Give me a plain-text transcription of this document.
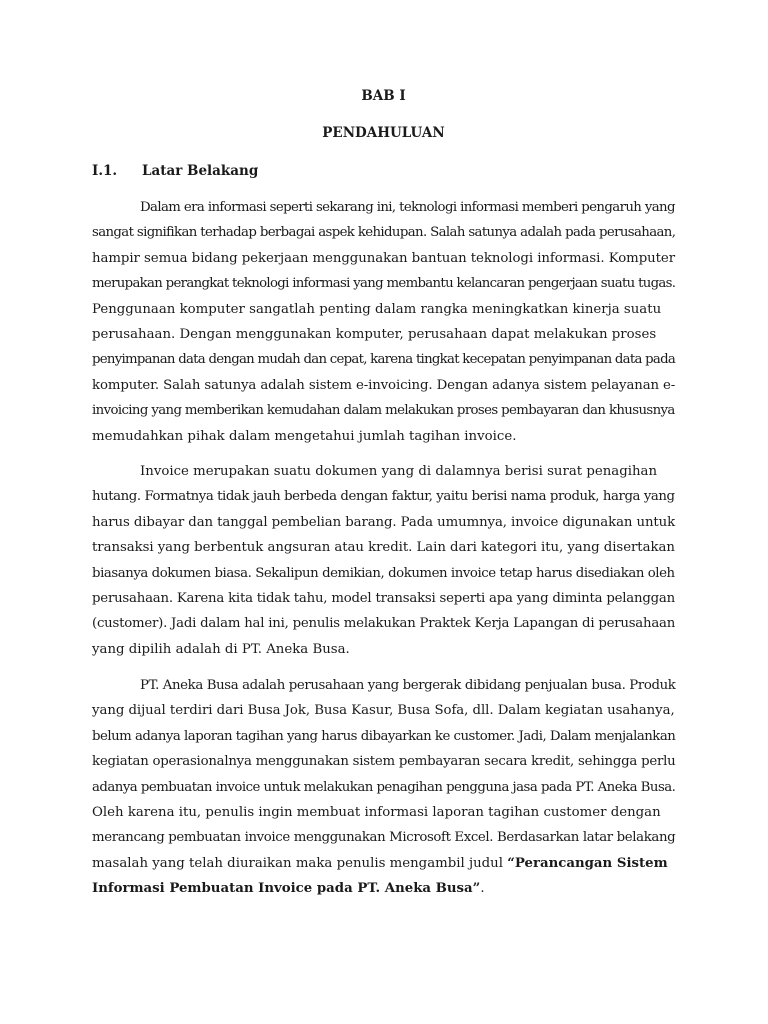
BAB I
PENDAHULUAN
I.1. Latar Belakang
Dalam era informasi seperti sekarang ini, teknologi informasi memberi pengaruh yang
sangat signifikan terhadap berbagai aspek kehidupan. Salah satunya adalah pada perusahaan,
hampir semua bidang pekerjaan menggunakan bantuan teknologi informasi. Komputer
merupakan perangkat teknologi informasi yang membantu kelancaran pengerjaan suatu tugas.
Penggunaan komputer sangatlah penting dalam rangka meningkatkan kinerja suatu
perusahaan. Dengan menggunakan komputer, perusahaan dapat melakukan proses
penyimpanan data dengan mudah dan cepat, karena tingkat kecepatan penyimpanan data pada
komputer. Salah satunya adalah sistem e-invoicing. Dengan adanya sistem pelayanan e-
invoicing yang memberikan kemudahan dalam melakukan proses pembayaran dan khususnya
memudahkan pihak dalam mengetahui jumlah tagihan invoice.
Invoice merupakan suatu dokumen yang di dalamnya berisi surat penagihan
hutang. Formatnya tidak jauh berbeda dengan faktur, yaitu berisi nama produk, harga yang
harus dibayar dan tanggal pembelian barang. Pada umumnya, invoice digunakan untuk
transaksi yang berbentuk angsuran atau kredit. Lain dari kategori itu, yang disertakan
biasanya dokumen biasa. Sekalipun demikian, dokumen invoice tetap harus disediakan oleh
perusahaan. Karena kita tidak tahu, model transaksi seperti apa yang diminta pelanggan
(customer). Jadi dalam hal ini, penulis melakukan Praktek Kerja Lapangan di perusahaan
yang dipilih adalah di PT. Aneka Busa.
PT. Aneka Busa adalah perusahaan yang bergerak dibidang penjualan busa. Produk
yang dijual terdiri dari Busa Jok, Busa Kasur, Busa Sofa, dll. Dalam kegiatan usahanya,
belum adanya laporan tagihan yang harus dibayarkan ke customer. Jadi, Dalam menjalankan
kegiatan operasionalnya menggunakan sistem pembayaran secara kredit, sehingga perlu
adanya pembuatan invoice untuk melakukan penagihan pengguna jasa pada PT. Aneka Busa.
Oleh karena itu, penulis ingin membuat informasi laporan tagihan customer dengan
merancang pembuatan invoice menggunakan Microsoft Excel. Berdasarkan latar belakang
masalah yang telah diuraikan maka penulis mengambil judul “Perancangan Sistem
Informasi Pembuatan Invoice pada PT. Aneka Busa”.
